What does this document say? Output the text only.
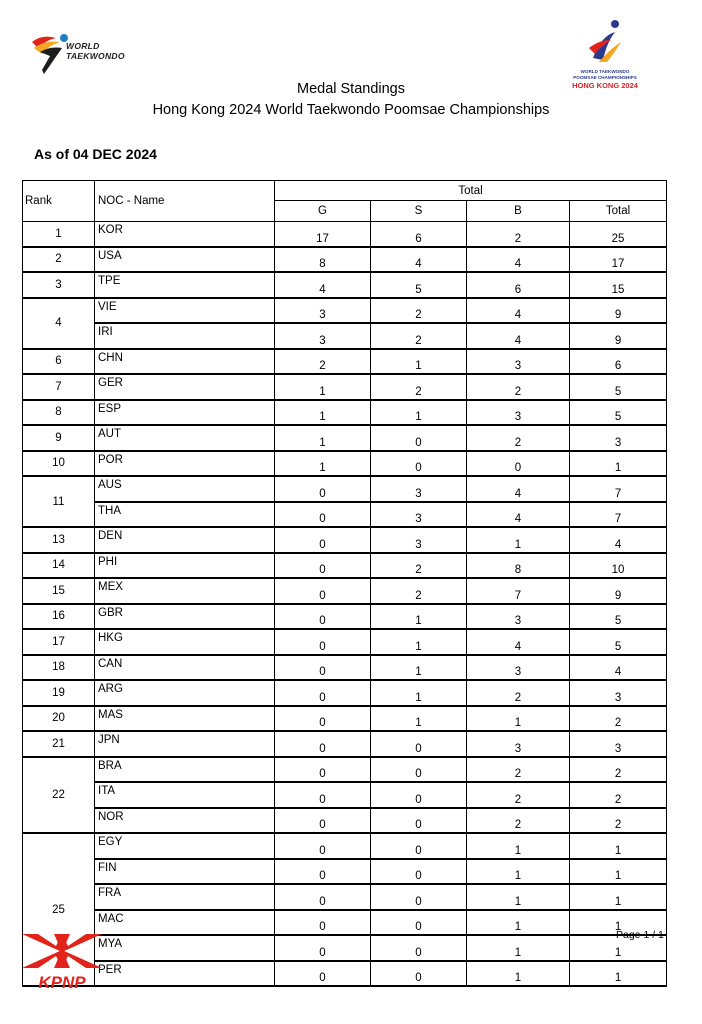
WORLD
TAEKWONDO
WORLD TAEKWONDO
POOMSAE CHAMPIONSHIPS
HONG KONG 2024
Medal Standings
Hong Kong 2024 World Taekwondo Poomsae Championships
As of 04 DEC 2024
Rank	NOC - Name	Total			
		G	S	B	Total
1	KOR	17	6	2	25
2	USA	8	4	4	17
3	TPE	4	5	6	15
4	VIE	3	2	4	9
	IRI	3	2	4	9
6	CHN	2	1	3	6
7	GER	1	2	2	5
8	ESP	1	1	3	5
9	AUT	1	0	2	3
10	POR	1	0	0	1
11	AUS	0	3	4	7
	THA	0	3	4	7
13	DEN	0	3	1	4
14	PHI	0	2	8	10
15	MEX	0	2	7	9
16	GBR	0	1	3	5
17	HKG	0	1	4	5
18	CAN	0	1	3	4
19	ARG	0	1	2	3
20	MAS	0	1	1	2
21	JPN	0	0	3	3
22	BRA	0	0	2	2
	ITA	0	0	2	2
	NOR	0	0	2	2
25	EGY	0	0	1	1
	FIN	0	0	1	1
	FRA	0	0	1	1
	MAC	0	0	1	1
	MYA	0	0	1	1
	PER	0	0	1	1
KPNP
Page 1 / 1
